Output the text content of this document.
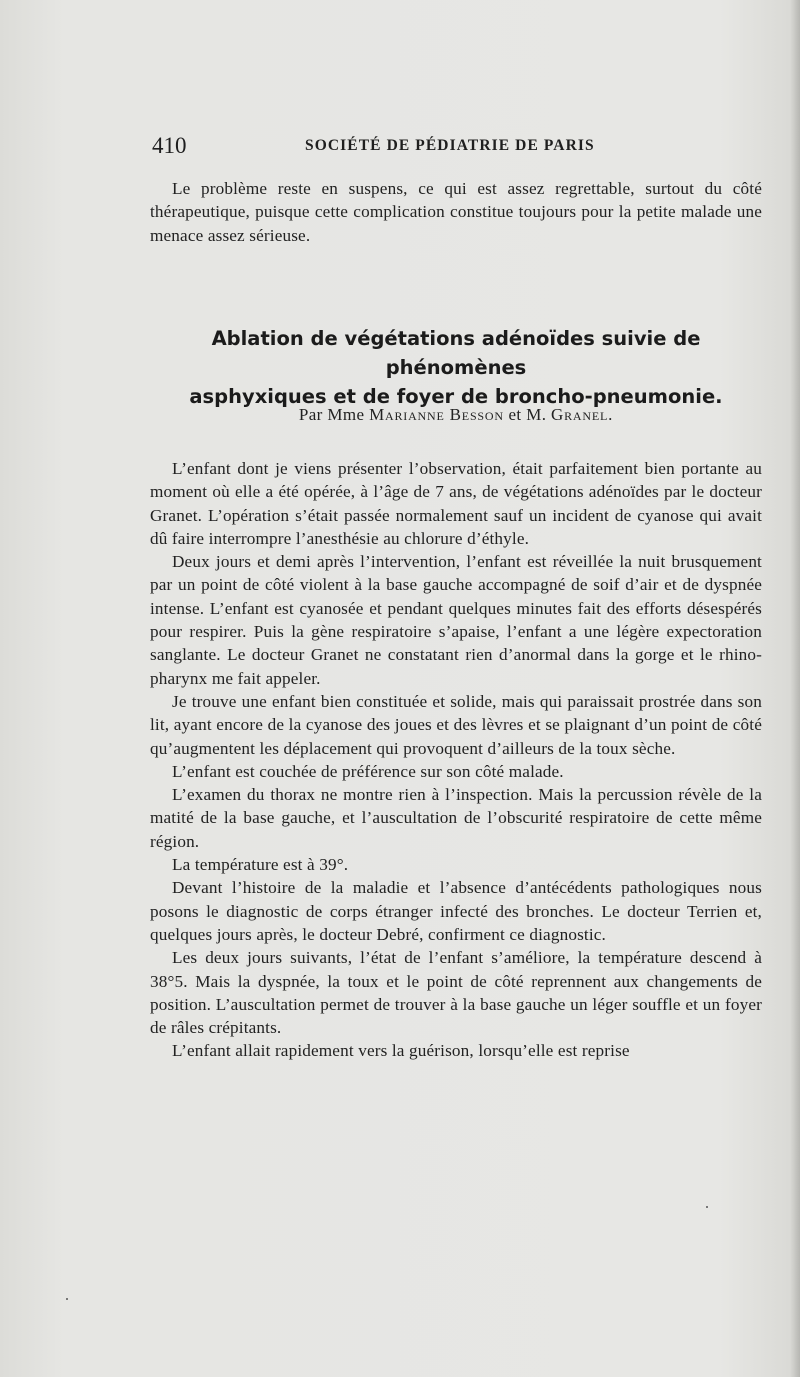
410	SOCIÉTÉ DE PÉDIATRIE DE PARIS

Le problème reste en suspens, ce qui est assez regrettable, surtout du côté thérapeutique, puisque cette complication constitue toujours pour la petite malade une menace assez sérieuse.

Ablation de végétations adénoïdes suivie de phénomènes
asphyxiques et de foyer de broncho-pneumonie.
Par Mme Marianne Besson et M. Granel.

L’enfant dont je viens présenter l’observation, était parfaitement bien portante au moment où elle a été opérée, à l’âge de 7 ans, de végétations adénoïdes par le docteur Granet. L’opération s’était passée normalement sauf un incident de cyanose qui avait dû faire interrompre l’anesthésie au chlorure d’éthyle.

Deux jours et demi après l’intervention, l’enfant est réveillée la nuit brusquement par un point de côté violent à la base gauche accompagné de soif d’air et de dyspnée intense. L’enfant est cyanosée et pendant quelques minutes fait des efforts désespérés pour respirer. Puis la gène respiratoire s’apaise, l’enfant a une légère expectoration sanglante. Le docteur Granet ne constatant rien d’anormal dans la gorge et le rhino-pharynx me fait appeler.

Je trouve une enfant bien constituée et solide, mais qui paraissait prostrée dans son lit, ayant encore de la cyanose des joues et des lèvres et se plaignant d’un point de côté qu’augmentent les déplacement qui provoquent d’ailleurs de la toux sèche.

L’enfant est couchée de préférence sur son côté malade.

L’examen du thorax ne montre rien à l’inspection. Mais la percussion révèle de la matité de la base gauche, et l’auscultation de l’obscurité respiratoire de cette même région.

La température est à 39°.

Devant l’histoire de la maladie et l’absence d’antécédents pathologiques nous posons le diagnostic de corps étranger infecté des bronches. Le docteur Terrien et, quelques jours après, le docteur Debré, confirment ce diagnostic.

Les deux jours suivants, l’état de l’enfant s’améliore, la température descend à 38°5. Mais la dyspnée, la toux et le point de côté reprennent aux changements de position. L’auscultation permet de trouver à la base gauche un léger souffle et un foyer de râles crépitants.

L’enfant allait rapidement vers la guérison, lorsqu’elle est reprise
